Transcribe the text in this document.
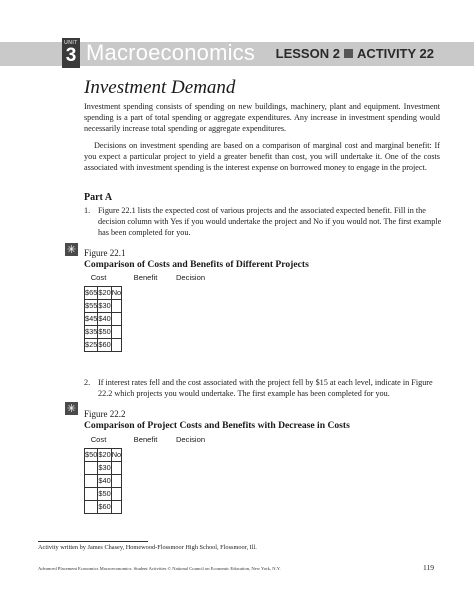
UNIT
3 Macroeconomics LESSON 2 ACTIVITY 22
Investment Demand

Investment spending consists of spending on new buildings, machinery, plant and equipment. Investment spending is a part of total spending or aggregate expenditures. Any increase in investment spending would necessarily increase total spending or aggregate expenditures.

Decisions on investment spending are based on a comparison of marginal cost and marginal benefit: If you expect a particular project to yield a greater benefit than cost, you will undertake it. One of the costs associated with investment spending is the interest expense on borrowed money to engage in the project.

Part A

1. Figure 22.1 lists the expected cost of various projects and the associated expected benefit. Fill in the decision column with Yes if you would undertake the project and No if you would not. The first example has been completed for you.
✳ Figure 22.1

Comparison of Costs and Benefits of Different Projects

Cost	Benefit	Decision
$65	$20	No
$55	$30	
$45	$40	
$35	$50	
$25	$60	
2. If interest rates fell and the cost associated with the project fell by $15 at each level, indicate in Figure 22.2 which projects you would undertake. The first example has been completed for you.
✳ Figure 22.2

Comparison of Project Costs and Benefits with Decrease in Costs

Cost	Benefit	Decision
$50	$20	No
	$30	
	$40	
	$50	
	$60	

Activity written by James Chasey, Homewood-Flossmoor High School, Flossmoor, Ill.

Advanced Placement Economics Macroeconomics: Student Activities © National Council on Economic Education, New York, N.Y.	119
